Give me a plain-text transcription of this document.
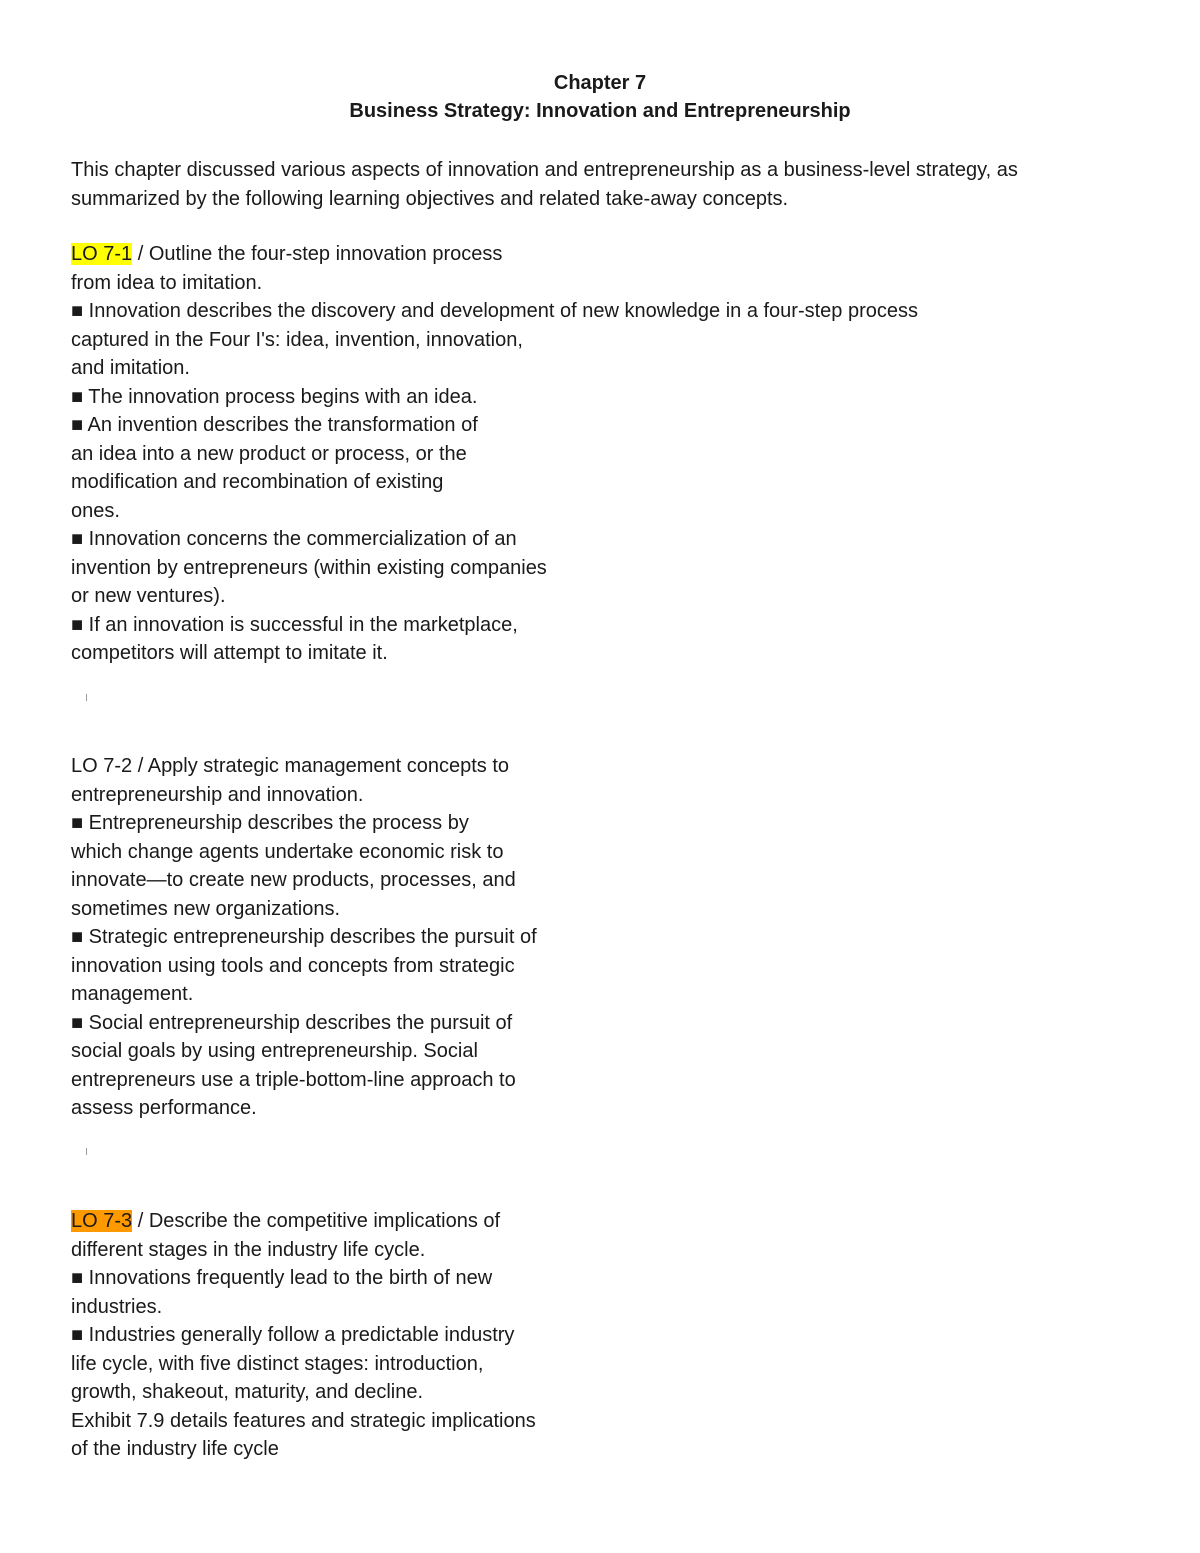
Chapter 7
Business Strategy: Innovation and Entrepreneurship
This chapter discussed various aspects of innovation and entrepreneurship as a business-level strategy, as
summarized by the following learning objectives and related take-away concepts.
LO 7-1 / Outline the four-step innovation process
from idea to imitation.
■ Innovation describes the discovery and development of new knowledge in a four-step process
captured in the Four I's: idea, invention, innovation,
and imitation.
■ The innovation process begins with an idea.
■ An invention describes the transformation of
an idea into a new product or process, or the
modification and recombination of existing
ones.
■ Innovation concerns the commercialization of an
invention by entrepreneurs (within existing companies
or new ventures).
■ If an innovation is successful in the marketplace,
competitors will attempt to imitate it.
LO 7-2 / Apply strategic management concepts to
entrepreneurship and innovation.
■ Entrepreneurship describes the process by
which change agents undertake economic risk to
innovate—to create new products, processes, and
sometimes new organizations.
■ Strategic entrepreneurship describes the pursuit of
innovation using tools and concepts from strategic
management.
■ Social entrepreneurship describes the pursuit of
social goals by using entrepreneurship. Social
entrepreneurs use a triple-bottom-line approach to
assess performance.
LO 7-3 / Describe the competitive implications of
different stages in the industry life cycle.
■ Innovations frequently lead to the birth of new
industries.
■ Industries generally follow a predictable industry
life cycle, with five distinct stages: introduction,
growth, shakeout, maturity, and decline.
Exhibit 7.9 details features and strategic implications
of the industry life cycle
